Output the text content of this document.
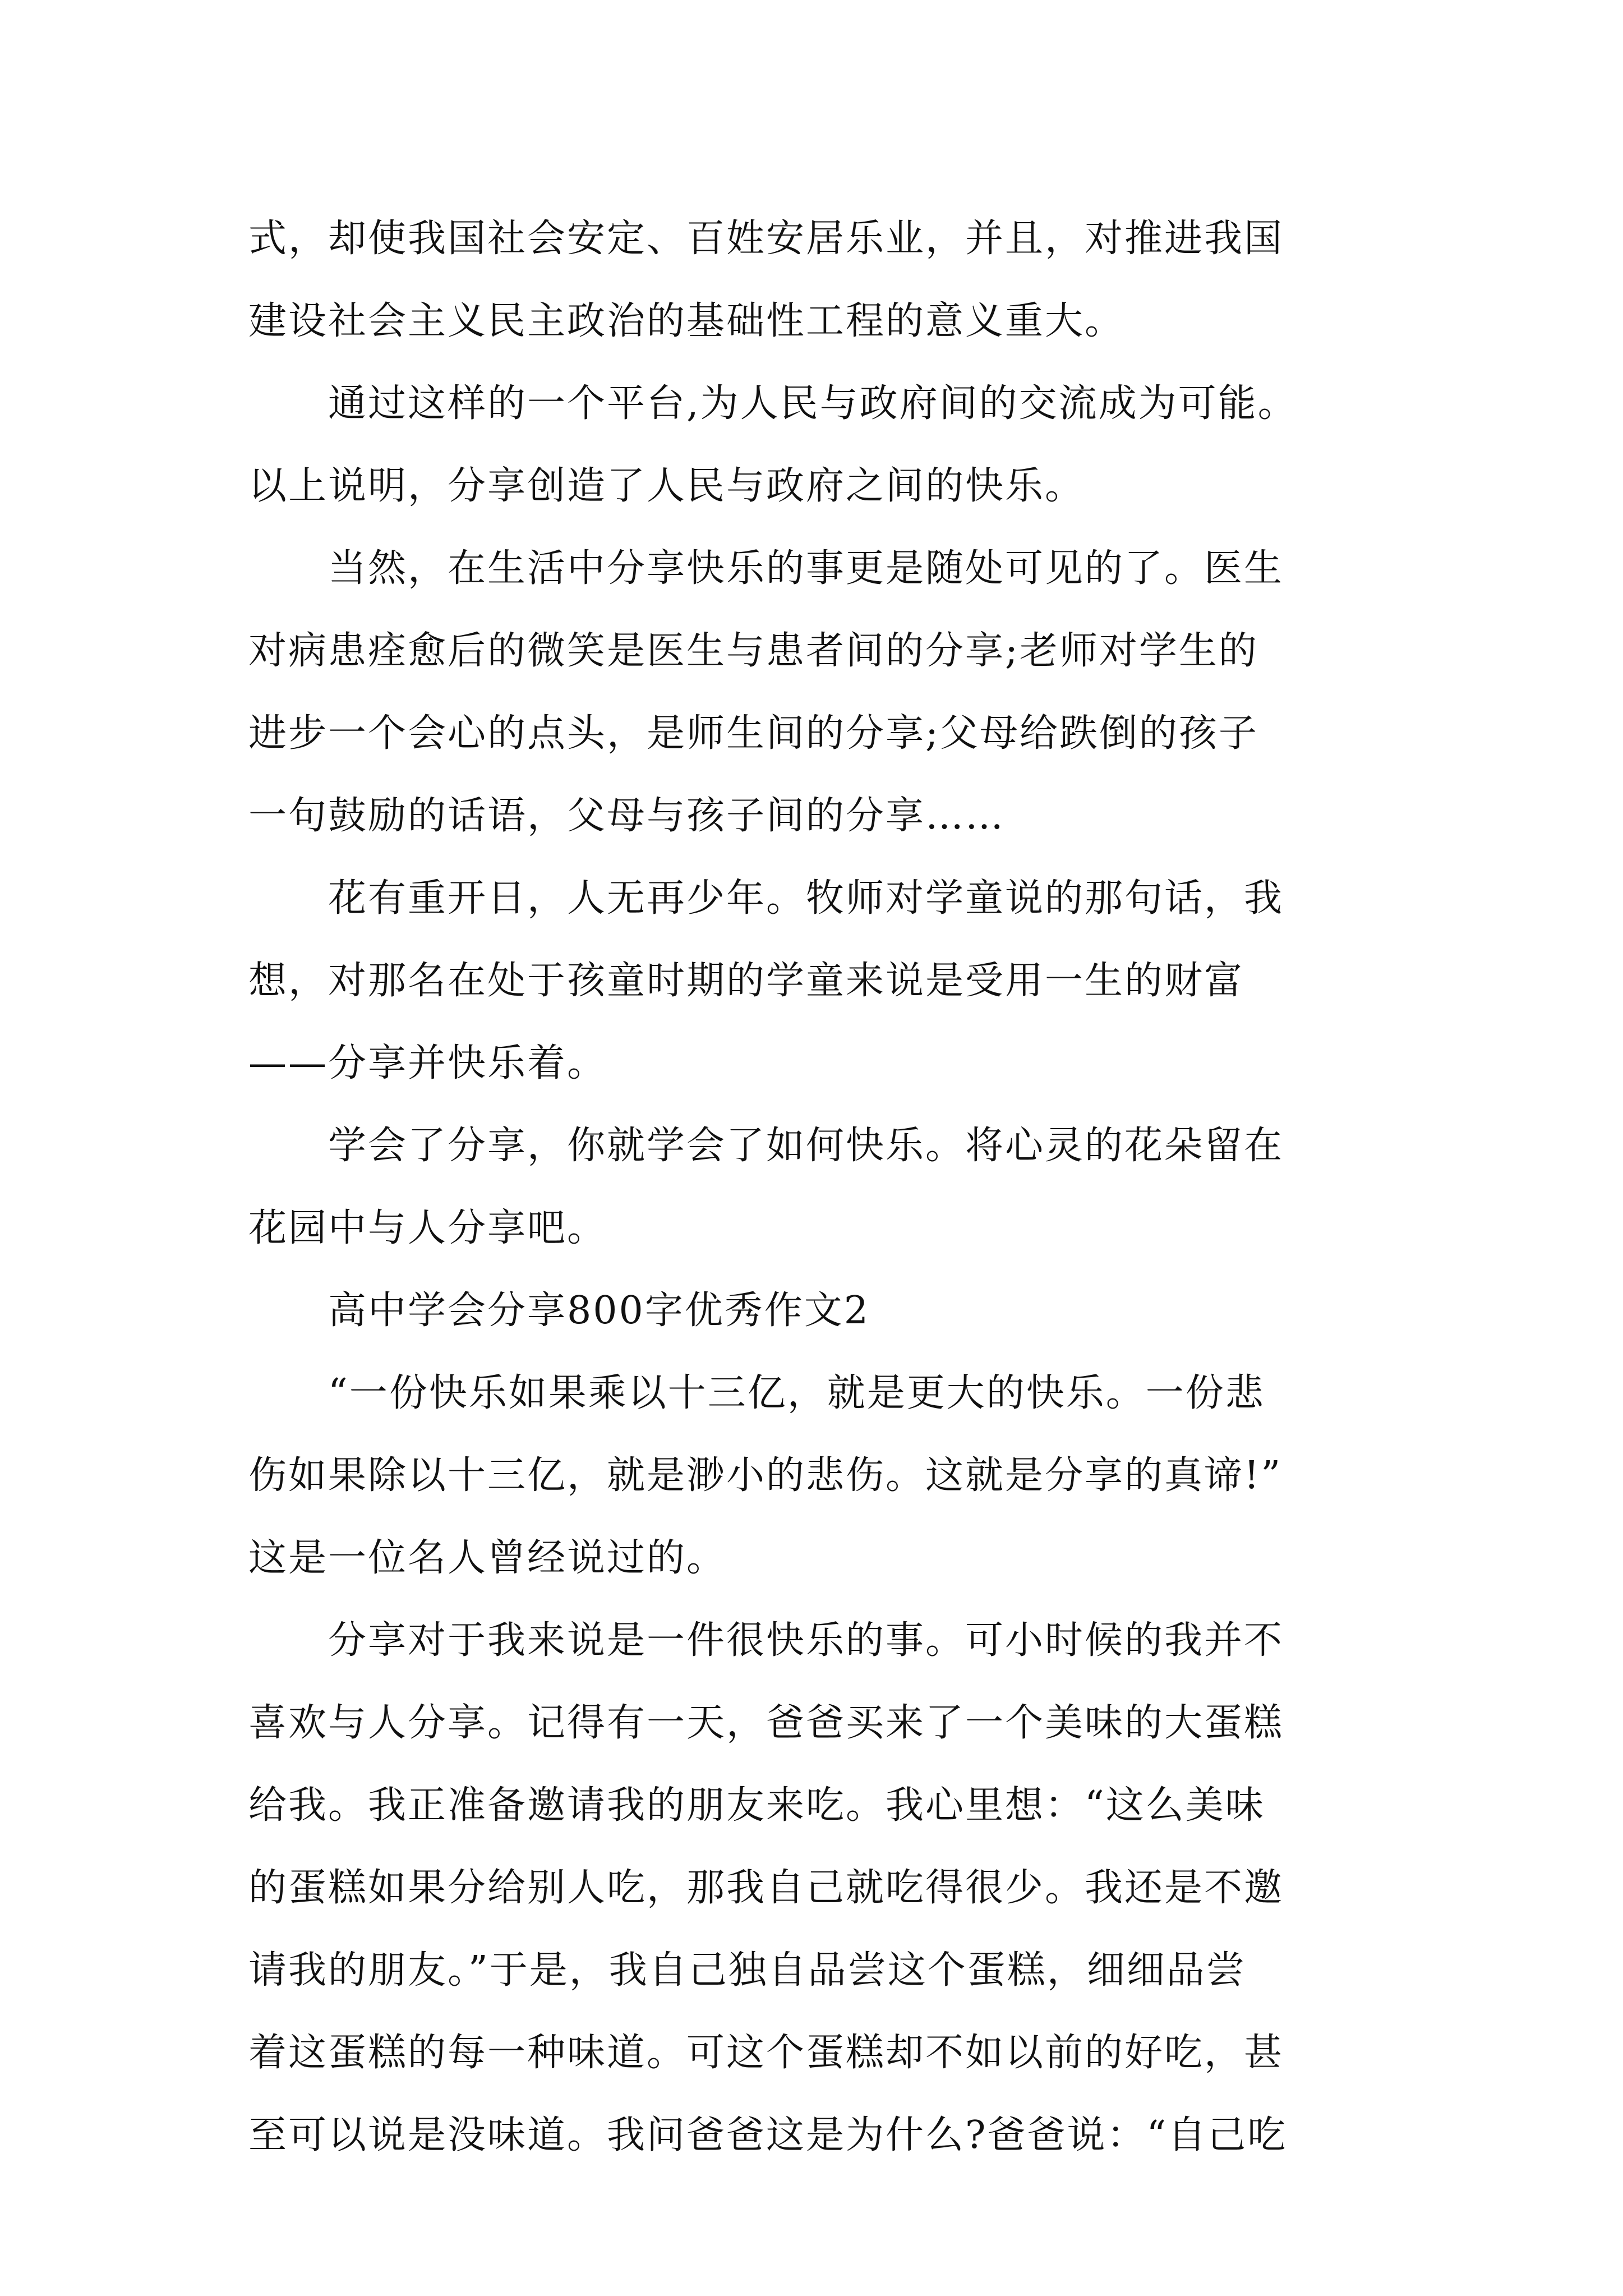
式，却使我国社会安定、百姓安居乐业，并且，对推进我国
建设社会主义民主政治的基础性工程的意义重大。
　　通过这样的一个平台,为人民与政府间的交流成为可能。
以上说明，分享创造了人民与政府之间的快乐。
　　当然，在生活中分享快乐的事更是随处可见的了。医生
对病患痊愈后的微笑是医生与患者间的分享;老师对学生的
进步一个会心的点头，是师生间的分享;父母给跌倒的孩子
一句鼓励的话语，父母与孩子间的分享……
　　花有重开日，人无再少年。牧师对学童说的那句话，我
想，对那名在处于孩童时期的学童来说是受用一生的财富
——分享并快乐着。
　　学会了分享，你就学会了如何快乐。将心灵的花朵留在
花园中与人分享吧。
　　高中学会分享800字优秀作文2
　　“一份快乐如果乘以十三亿，就是更大的快乐。一份悲
伤如果除以十三亿，就是渺小的悲伤。这就是分享的真谛!”
这是一位名人曾经说过的。
　　分享对于我来说是一件很快乐的事。可小时候的我并不
喜欢与人分享。记得有一天，爸爸买来了一个美味的大蛋糕
给我。我正准备邀请我的朋友来吃。我心里想：“这么美味
的蛋糕如果分给别人吃，那我自己就吃得很少。我还是不邀
请我的朋友。”于是，我自己独自品尝这个蛋糕，细细品尝
着这蛋糕的每一种味道。可这个蛋糕却不如以前的好吃，甚
至可以说是没味道。我问爸爸这是为什么?爸爸说：“自己吃
